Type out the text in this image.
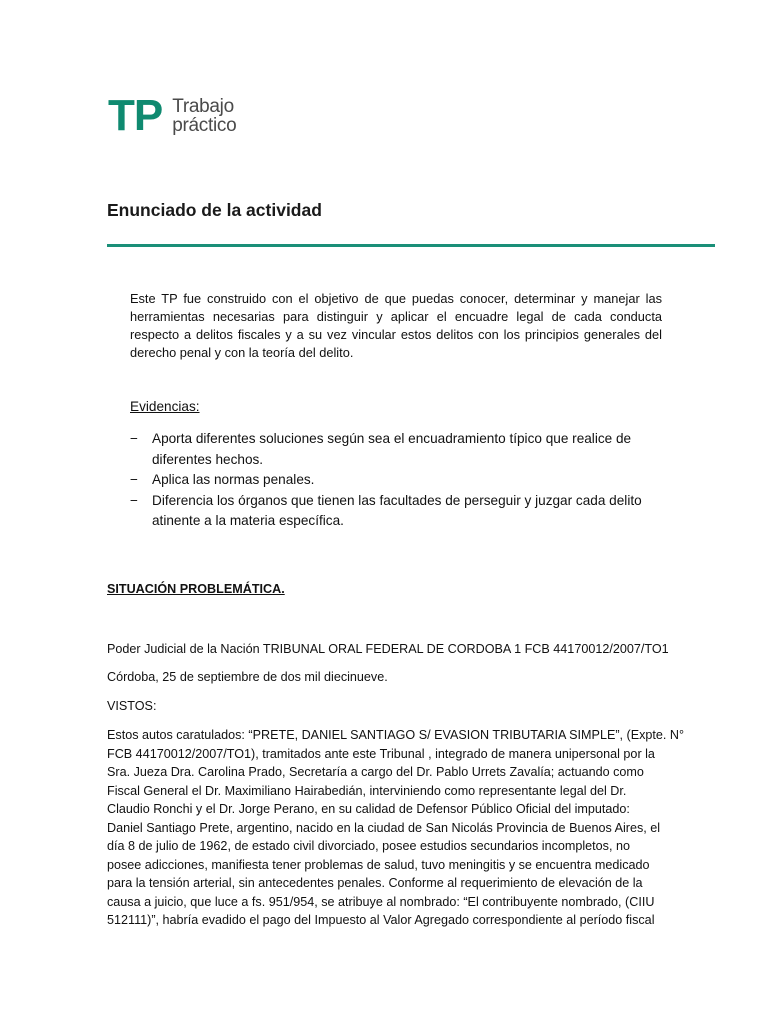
TP Trabajo
práctico
Enunciado de la actividad
Este TP fue construido con el objetivo de que puedas conocer, determinar y manejar las herramientas necesarias para distinguir y aplicar el encuadre legal de cada conducta respecto a delitos fiscales y a su vez vincular estos delitos con los principios generales del derecho penal y con la teoría del delito.
Evidencias:
− Aporta diferentes soluciones según sea el encuadramiento típico que realice de diferentes hechos.
− Aplica las normas penales.
− Diferencia los órganos que tienen las facultades de perseguir y juzgar cada delito atinente a la materia específica.
SITUACIÓN PROBLEMÁTICA.
Poder Judicial de la Nación TRIBUNAL ORAL FEDERAL DE CORDOBA 1 FCB 44170012/2007/TO1
Córdoba, 25 de septiembre de dos mil diecinueve.
VISTOS:
Estos autos caratulados: “PRETE, DANIEL SANTIAGO S/ EVASION TRIBUTARIA SIMPLE”, (Expte. N°
FCB 44170012/2007/TO1), tramitados ante este Tribunal , integrado de manera unipersonal por la
Sra. Jueza Dra. Carolina Prado, Secretaría a cargo del Dr. Pablo Urrets Zavalía; actuando como
Fiscal General el Dr. Maximiliano Hairabedián, interviniendo como representante legal del Dr.
Claudio Ronchi y el Dr. Jorge Perano, en su calidad de Defensor Público Oficial del imputado:
Daniel Santiago Prete, argentino, nacido en la ciudad de San Nicolás Provincia de Buenos Aires, el
día 8 de julio de 1962, de estado civil divorciado, posee estudios secundarios incompletos, no
posee adicciones, manifiesta tener problemas de salud, tuvo meningitis y se encuentra medicado
para la tensión arterial, sin antecedentes penales. Conforme al requerimiento de elevación de la
causa a juicio, que luce a fs. 951/954, se atribuye al nombrado: “El contribuyente nombrado, (CIIU
512111)”, habría evadido el pago del Impuesto al Valor Agregado correspondiente al período fiscal
